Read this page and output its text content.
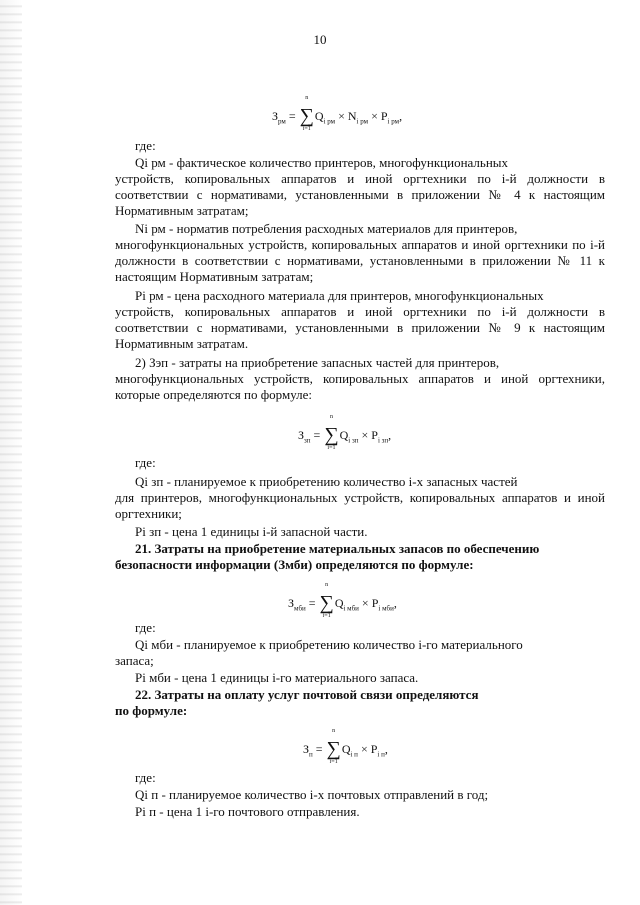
10
$З_{рм}$ =
n
∑
i=1
$Q_{i рм} \times N_{i рм} \times P_{i рм}$,
где:
Qi рм - фактическое количество принтеров, многофункциональных
устройств, копировальных аппаратов и иной оргтехники по i-й должности в соответствии с нормативами, установленными в приложении № 4 к настоящим Нормативным затратам;
Ni рм - норматив потребления расходных материалов для принтеров,
многофункциональных устройств, копировальных аппаратов и иной оргтехники по i-й должности в соответствии с нормативами, установленными в приложении № 11 к настоящим Нормативным затратам;
Pi рм - цена расходного материала для принтеров, многофункциональных
устройств, копировальных аппаратов и иной оргтехники по i-й должности в соответствии с нормативами, установленными в приложении № 9 к настоящим Нормативным затратам.
2) Зэп - затраты на приобретение запасных частей для принтеров,
многофункциональных устройств, копировальных аппаратов и иной оргтехники, которые определяются по формуле:
$З_{зп}$ =
n
∑
i=1
$Q_{i зп} \times P_{i зп}$,
где:
Qi зп - планируемое к приобретению количество i-х запасных частей
для принтеров, многофункциональных устройств, копировальных аппаратов и иной оргтехники;
Pi зп - цена 1 единицы i-й запасной части.
21. Затраты на приобретение материальных запасов по обеспечению
безопасности информации (Змби) определяются по формуле:
$З_{мби}$ =
n
∑
i=1
$Q_{i мби} \times P_{i мби}$,
где:
Qi мби - планируемое к приобретению количество i-го материального
запаса;
Pi мби - цена 1 единицы i-го материального запаса.
22. Затраты на оплату услуг почтовой связи определяются
по формуле:
$З_п$ =
n
∑
i=1
$Q_{i п} \times P_{i п}$,
где:
Qi п - планируемое количество i-х почтовых отправлений в год;
Pi п - цена 1 i-го почтового отправления.
